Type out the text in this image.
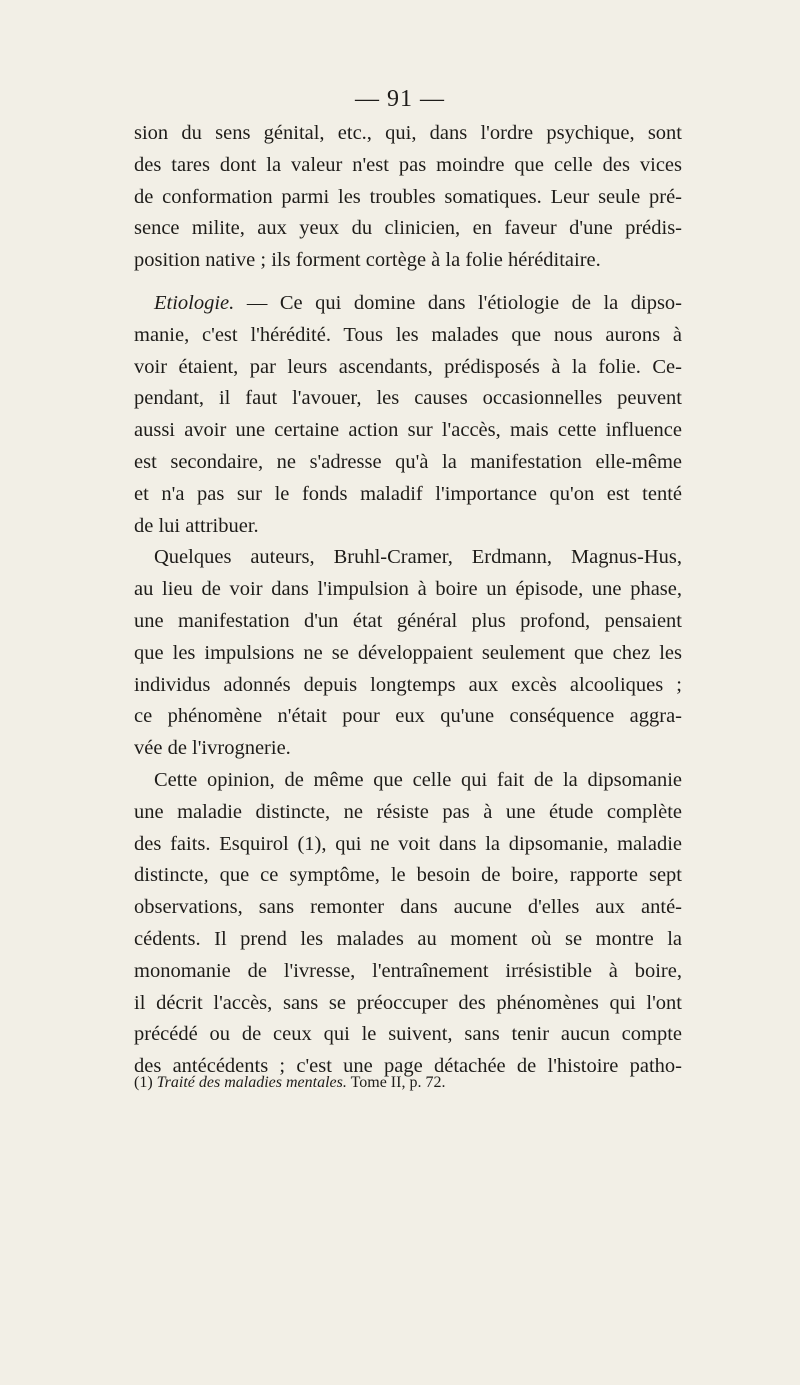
— 91 —
sion du sens génital, etc., qui, dans l'ordre psychique, sont
des tares dont la valeur n'est pas moindre que celle des vices
de conformation parmi les troubles somatiques. Leur seule pré-
sence milite, aux yeux du clinicien, en faveur d'une prédis-
position native ; ils forment cortège à la folie héréditaire.
Etiologie. — Ce qui domine dans l'étiologie de la dipso-
manie, c'est l'hérédité. Tous les malades que nous aurons à
voir étaient, par leurs ascendants, prédisposés à la folie. Ce-
pendant, il faut l'avouer, les causes occasionnelles peuvent
aussi avoir une certaine action sur l'accès, mais cette influence
est secondaire, ne s'adresse qu'à la manifestation elle-même
et n'a pas sur le fonds maladif l'importance qu'on est tenté
de lui attribuer.
Quelques auteurs, Bruhl-Cramer, Erdmann, Magnus-Hus,
au lieu de voir dans l'impulsion à boire un épisode, une phase,
une manifestation d'un état général plus profond, pensaient
que les impulsions ne se développaient seulement que chez les
individus adonnés depuis longtemps aux excès alcooliques ;
ce phénomène n'était pour eux qu'une conséquence aggra-
vée de l'ivrognerie.
Cette opinion, de même que celle qui fait de la dipsomanie
une maladie distincte, ne résiste pas à une étude complète
des faits. Esquirol (1), qui ne voit dans la dipsomanie, maladie
distincte, que ce symptôme, le besoin de boire, rapporte sept
observations, sans remonter dans aucune d'elles aux anté-
cédents. Il prend les malades au moment où se montre la
monomanie de l'ivresse, l'entraînement irrésistible à boire,
il décrit l'accès, sans se préoccuper des phénomènes qui l'ont
précédé ou de ceux qui le suivent, sans tenir aucun compte
des antécédents ; c'est une page détachée de l'histoire patho-
(1) Traité des maladies mentales. Tome II, p. 72.
